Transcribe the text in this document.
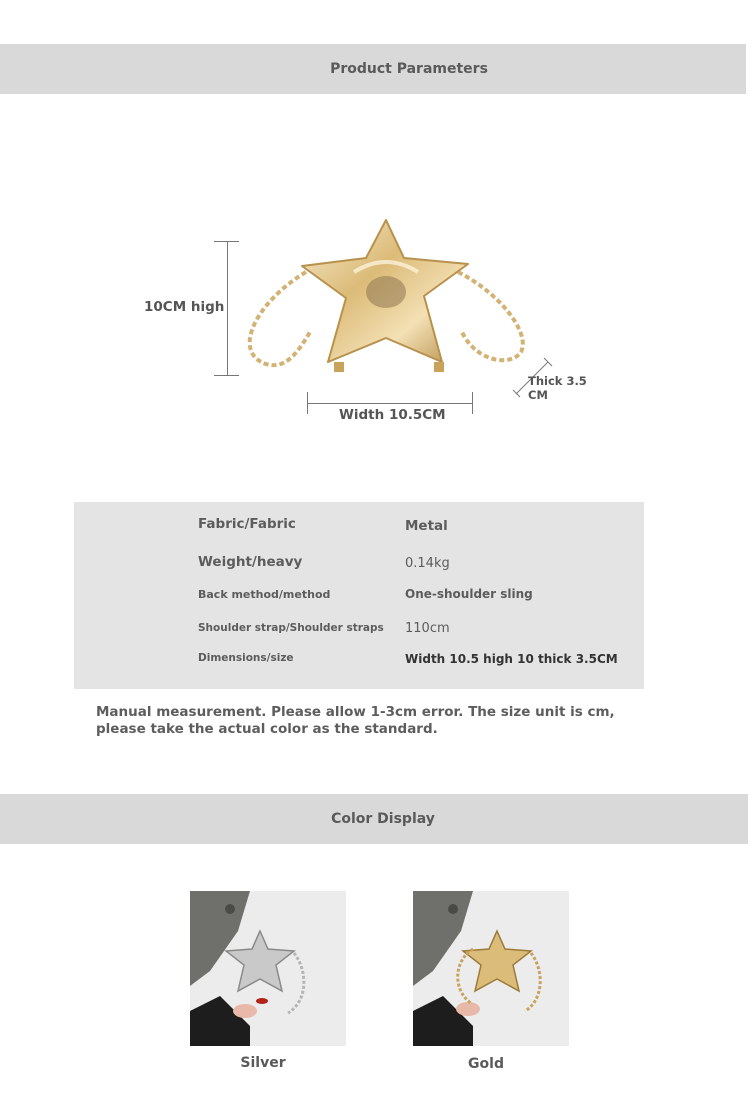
Product Parameters
10CM high
Width 10.5CM
Thick 3.5
CM
Fabric/Fabric	Metal
Weight/heavy	0.14kg
Back method/method	One-shoulder sling
Shoulder strap/Shoulder straps 110cm
Dimensions/size	Width 10.5 high 10 thick 3.5CM
Manual measurement. Please allow 1-3cm error. The size unit is cm, please take the actual color as the standard.
Color Display
Silver	Gold
